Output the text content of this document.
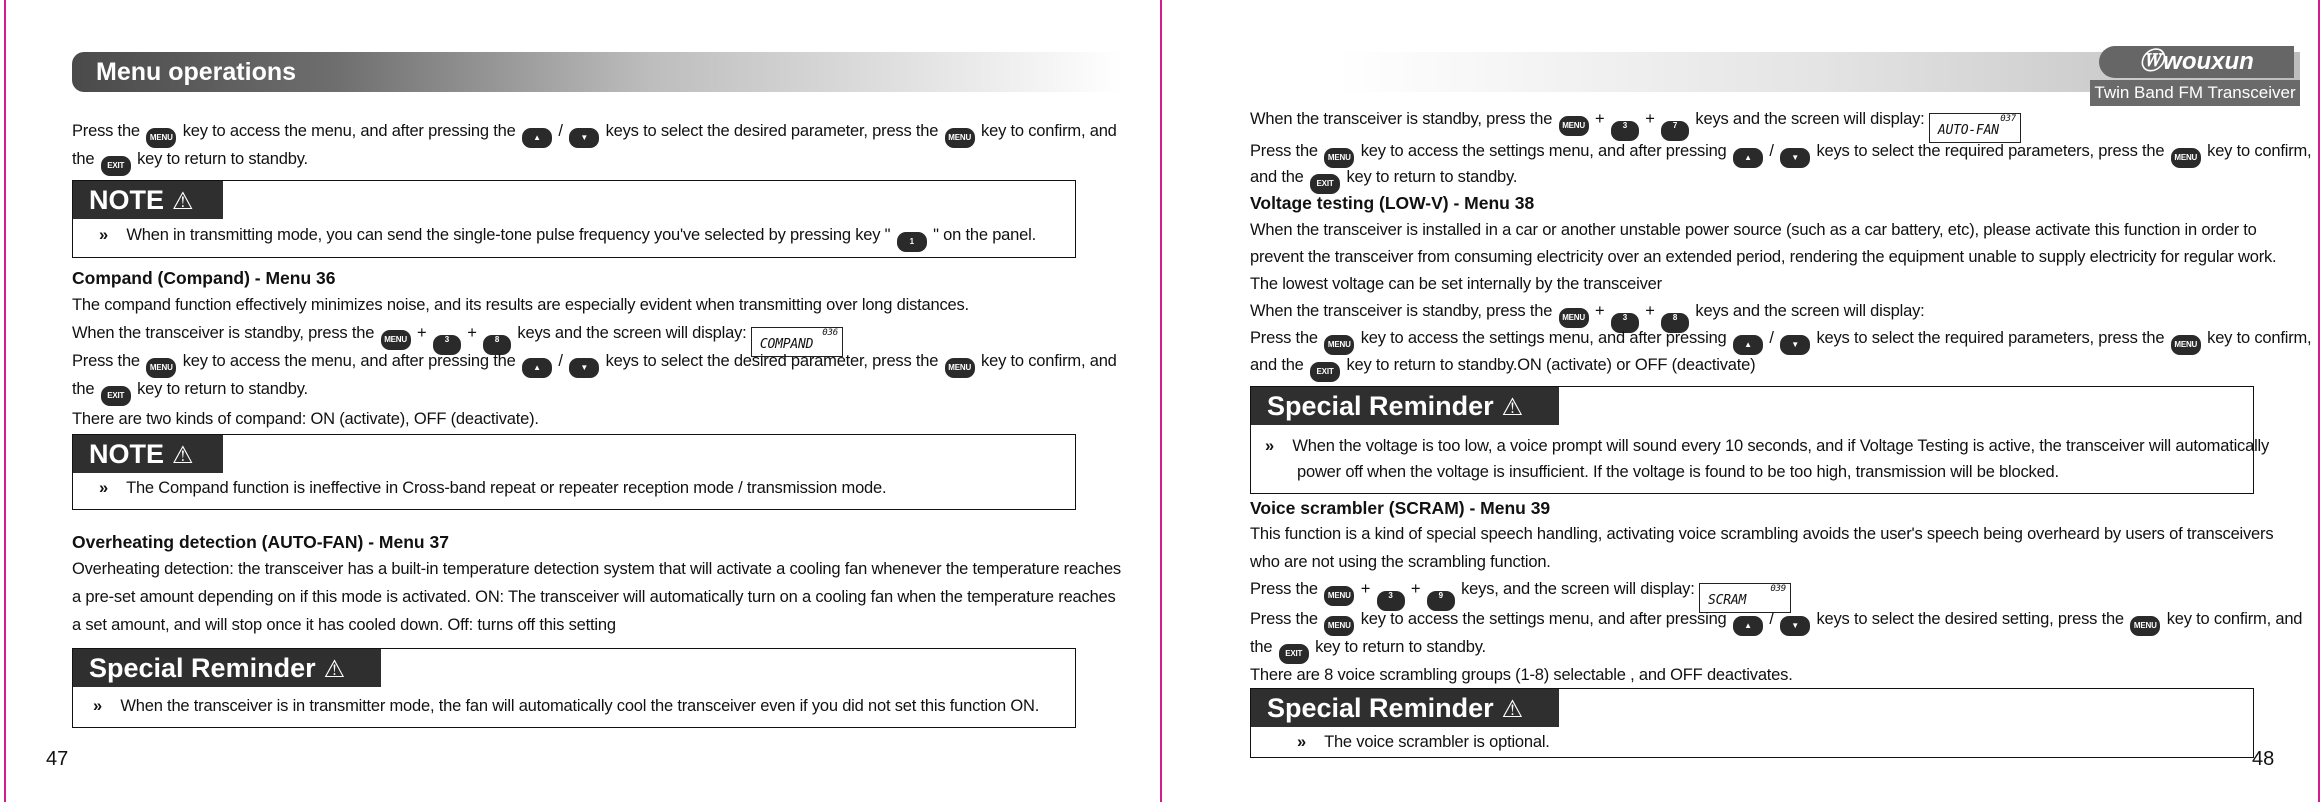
Menu operations
Press the MENU key to access the menu, and after pressing the ▲ / ▼ keys to select the desired parameter, press the MENU key to confirm, and
the EXIT key to return to standby.
NOTE ⚠
» When in transmitting mode, you can send the single-tone pulse frequency you've selected by pressing key " 1 " on the panel.
Compand (Compand) - Menu 36
The compand function effectively minimizes noise, and its results are especially evident when transmitting over long distances.
When the transceiver is standby, press the MENU + 3 + 8 keys and the screen will display: COMPAND
036
Press the MENU key to access the menu, and after pressing the ▲ / ▼ keys to select the desired parameter, press the MENU key to confirm, and
the EXIT key to return to standby.
There are two kinds of compand: ON (activate), OFF (deactivate).
NOTE ⚠
» The Compand function is ineffective in Cross-band repeat or repeater reception mode / transmission mode.
Overheating detection (AUTO-FAN) - Menu 37
Overheating detection: the transceiver has a built-in temperature detection system that will activate a cooling fan whenever the temperature reaches
a pre-set amount depending on if this mode is activated. ON: The transceiver will automatically turn on a cooling fan when the temperature reaches
a set amount, and will stop once it has cooled down. Off: turns off this setting
Special Reminder ⚠
» When the transceiver is in transmitter mode, the fan will automatically cool the transceiver even if you did not set this function ON.
47
Ⓦwouxun
Twin Band FM Transceiver
When the transceiver is standby, press the MENU + 3 + 7 keys and the screen will display: AUTO-FAN
037
Press the MENU key to access the settings menu, and after pressing ▲ / ▼ keys to select the required parameters, press the MENU key to confirm,
and the EXIT key to return to standby.
Voltage testing (LOW-V) - Menu 38
When the transceiver is installed in a car or another unstable power source (such as a car battery, etc), please activate this function in order to
prevent the transceiver from consuming electricity over an extended period, rendering the equipment unable to supply electricity for regular work.
The lowest voltage can be set internally by the transceiver
When the transceiver is standby, press the MENU + 3 + 8 keys and the screen will display:
Press the MENU key to access the settings menu, and after pressing ▲ / ▼ keys to select the required parameters, press the MENU key to confirm,
and the EXIT key to return to standby.ON (activate) or OFF (deactivate)
Special Reminder ⚠
» When the voltage is too low, a voice prompt will sound every 10 seconds, and if Voltage Testing is active, the transceiver will automatically
power off when the voltage is insufficient. If the voltage is found to be too high, transmission will be blocked.
Voice scrambler (SCRAM) - Menu 39
This function is a kind of special speech handling, activating voice scrambling avoids the user's speech being overheard by users of transceivers
who are not using the scrambling function.
Press the MENU + 3 + 9 keys, and the screen will display: SCRAM
039
Press the MENU key to access the settings menu, and after pressing ▲ / ▼ keys to select the desired setting, press the MENU key to confirm, and
the EXIT key to return to standby.
There are 8 voice scrambling groups (1-8) selectable , and OFF deactivates.
Special Reminder ⚠
» The voice scrambler is optional.
48
